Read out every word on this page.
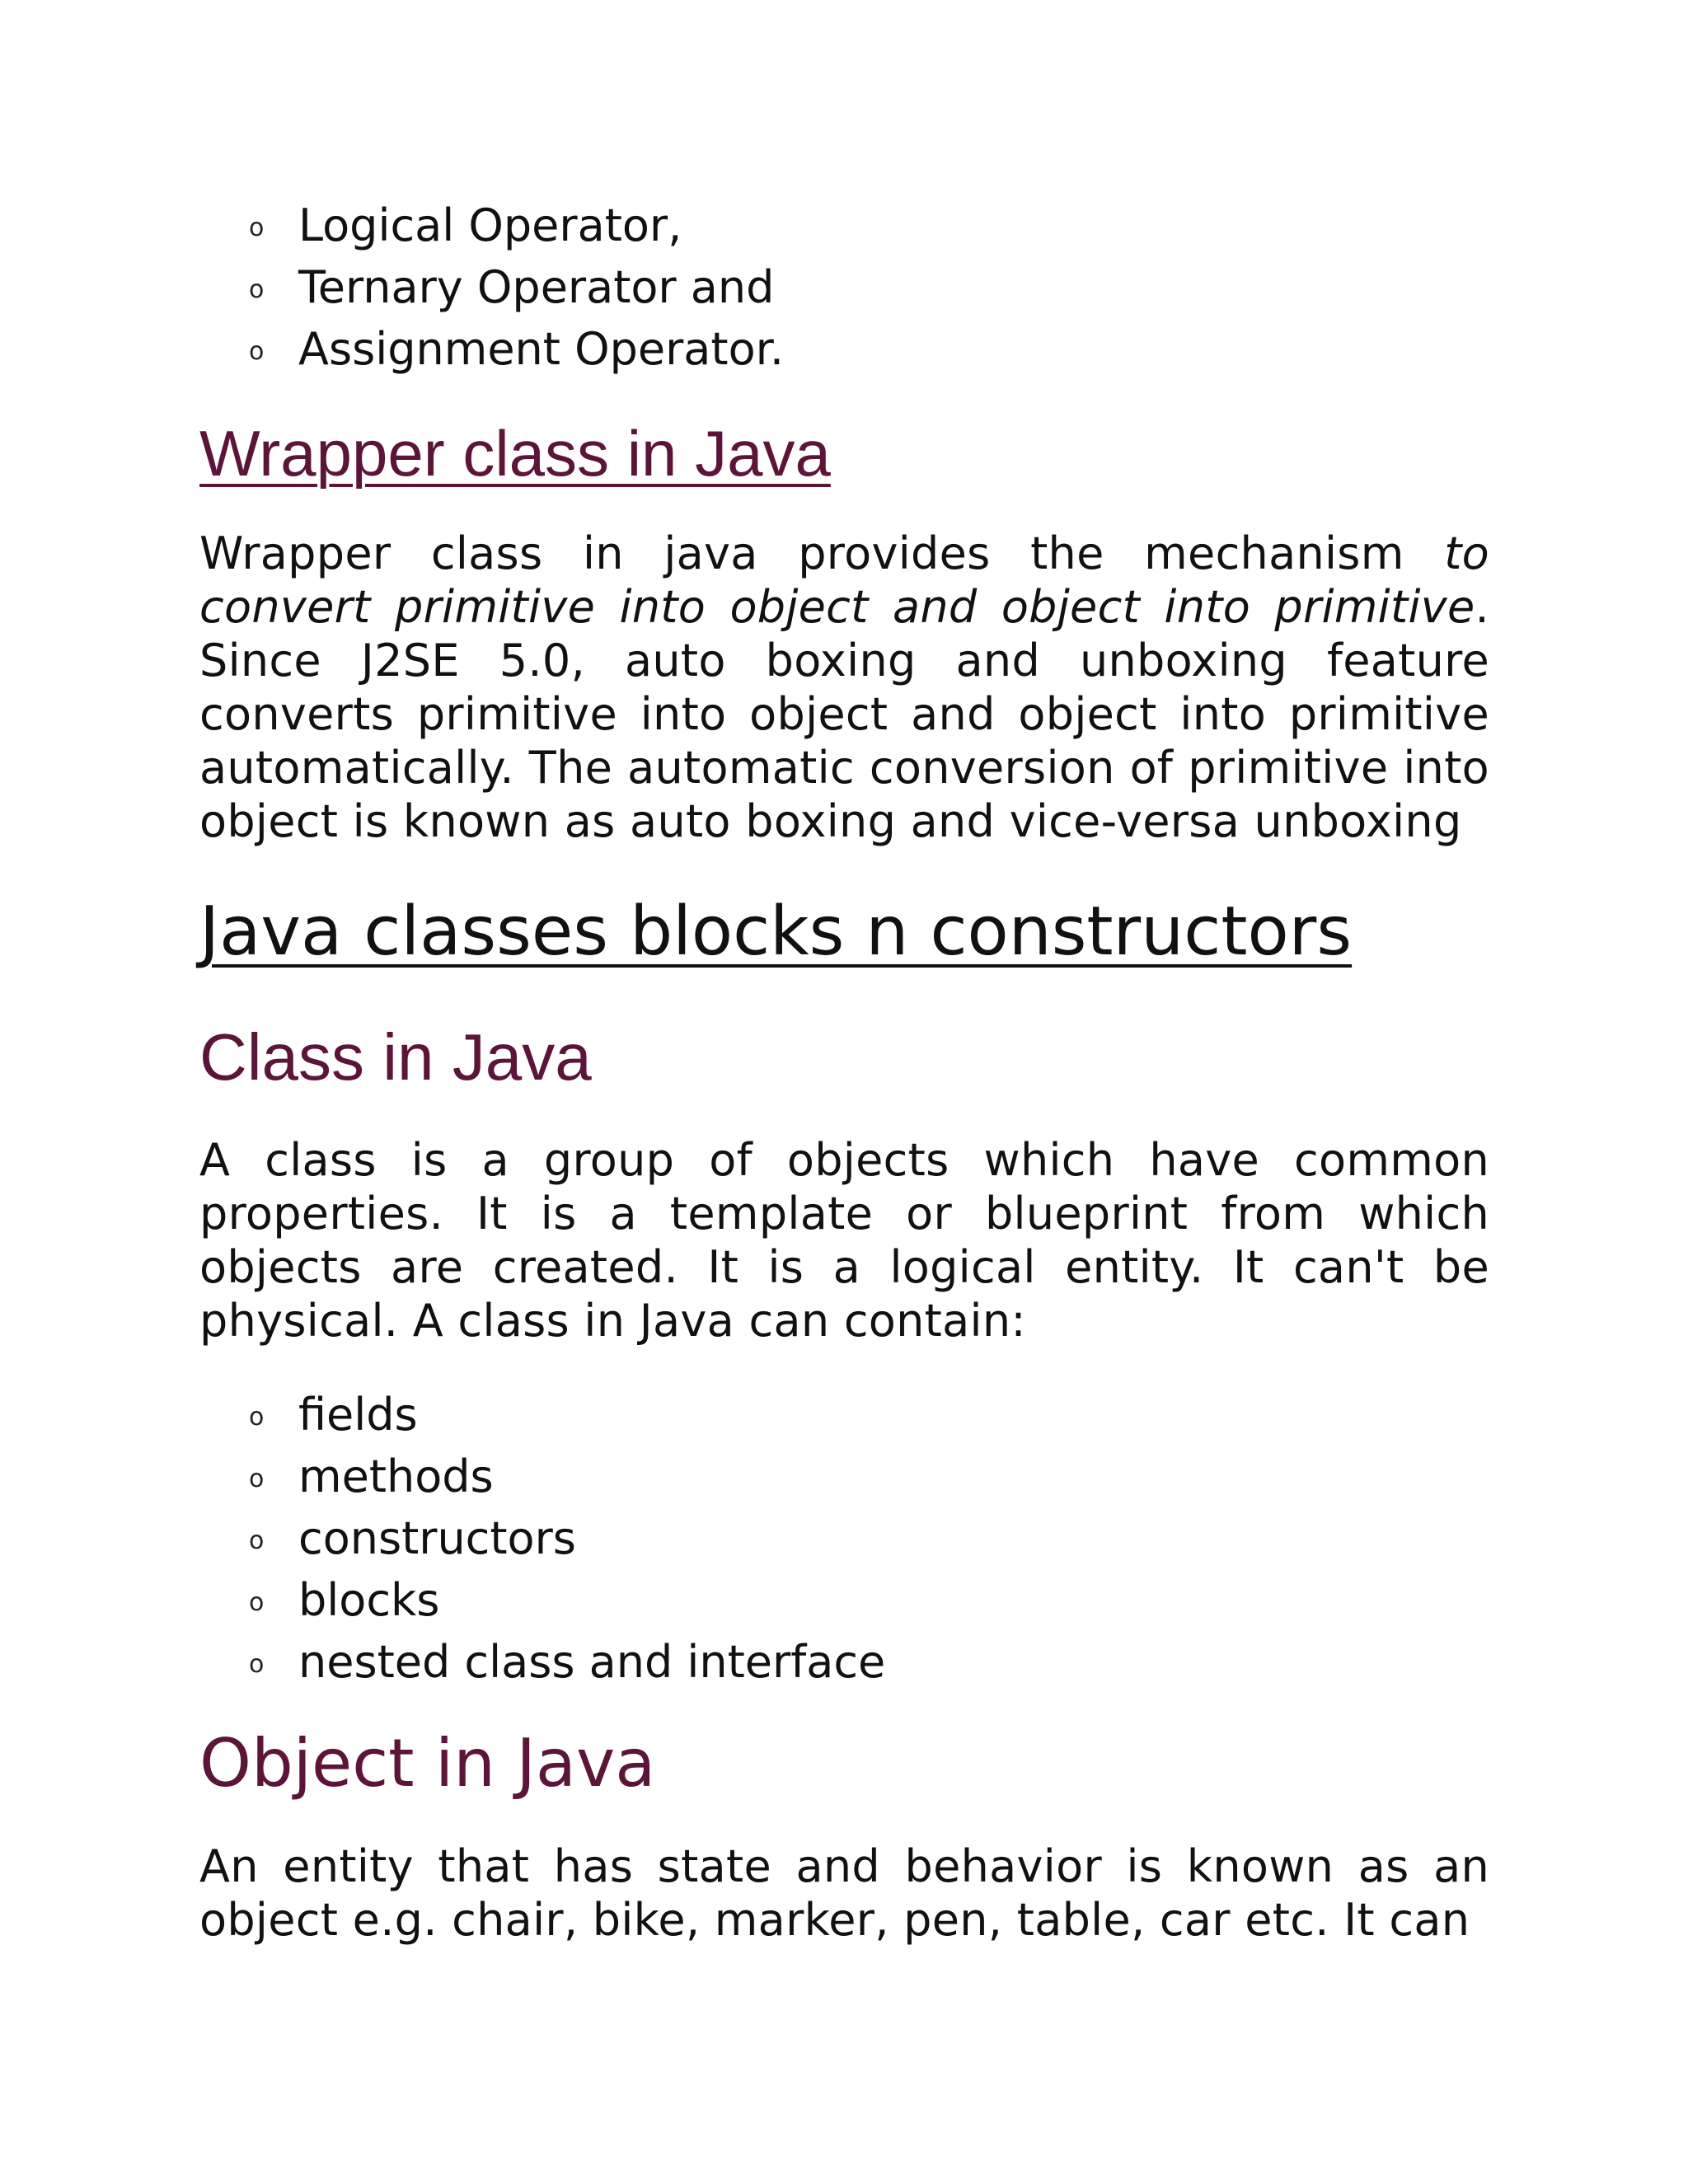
o Logical Operator,
o Ternary Operator and
o Assignment Operator.
Wrapper class in Java

Wrapper class in java provides the mechanism to convert primitive into object and object into primitive. Since J2SE 5.0, auto boxing and unboxing feature converts primitive into object and object into primitive automatically. The automatic conversion of primitive into object is known as auto boxing and vice-versa unboxing

Java classes blocks n constructors
Class in Java

A class is a group of objects which have common properties. It is a template or blueprint from which objects are created. It is a logical entity. It can't be physical. A class in Java can contain:

o fields
o methods
o constructors
o blocks
o nested class and interface
Object in Java

An entity that has state and behavior is known as an object e.g. chair, bike, marker, pen, table, car etc. It can
